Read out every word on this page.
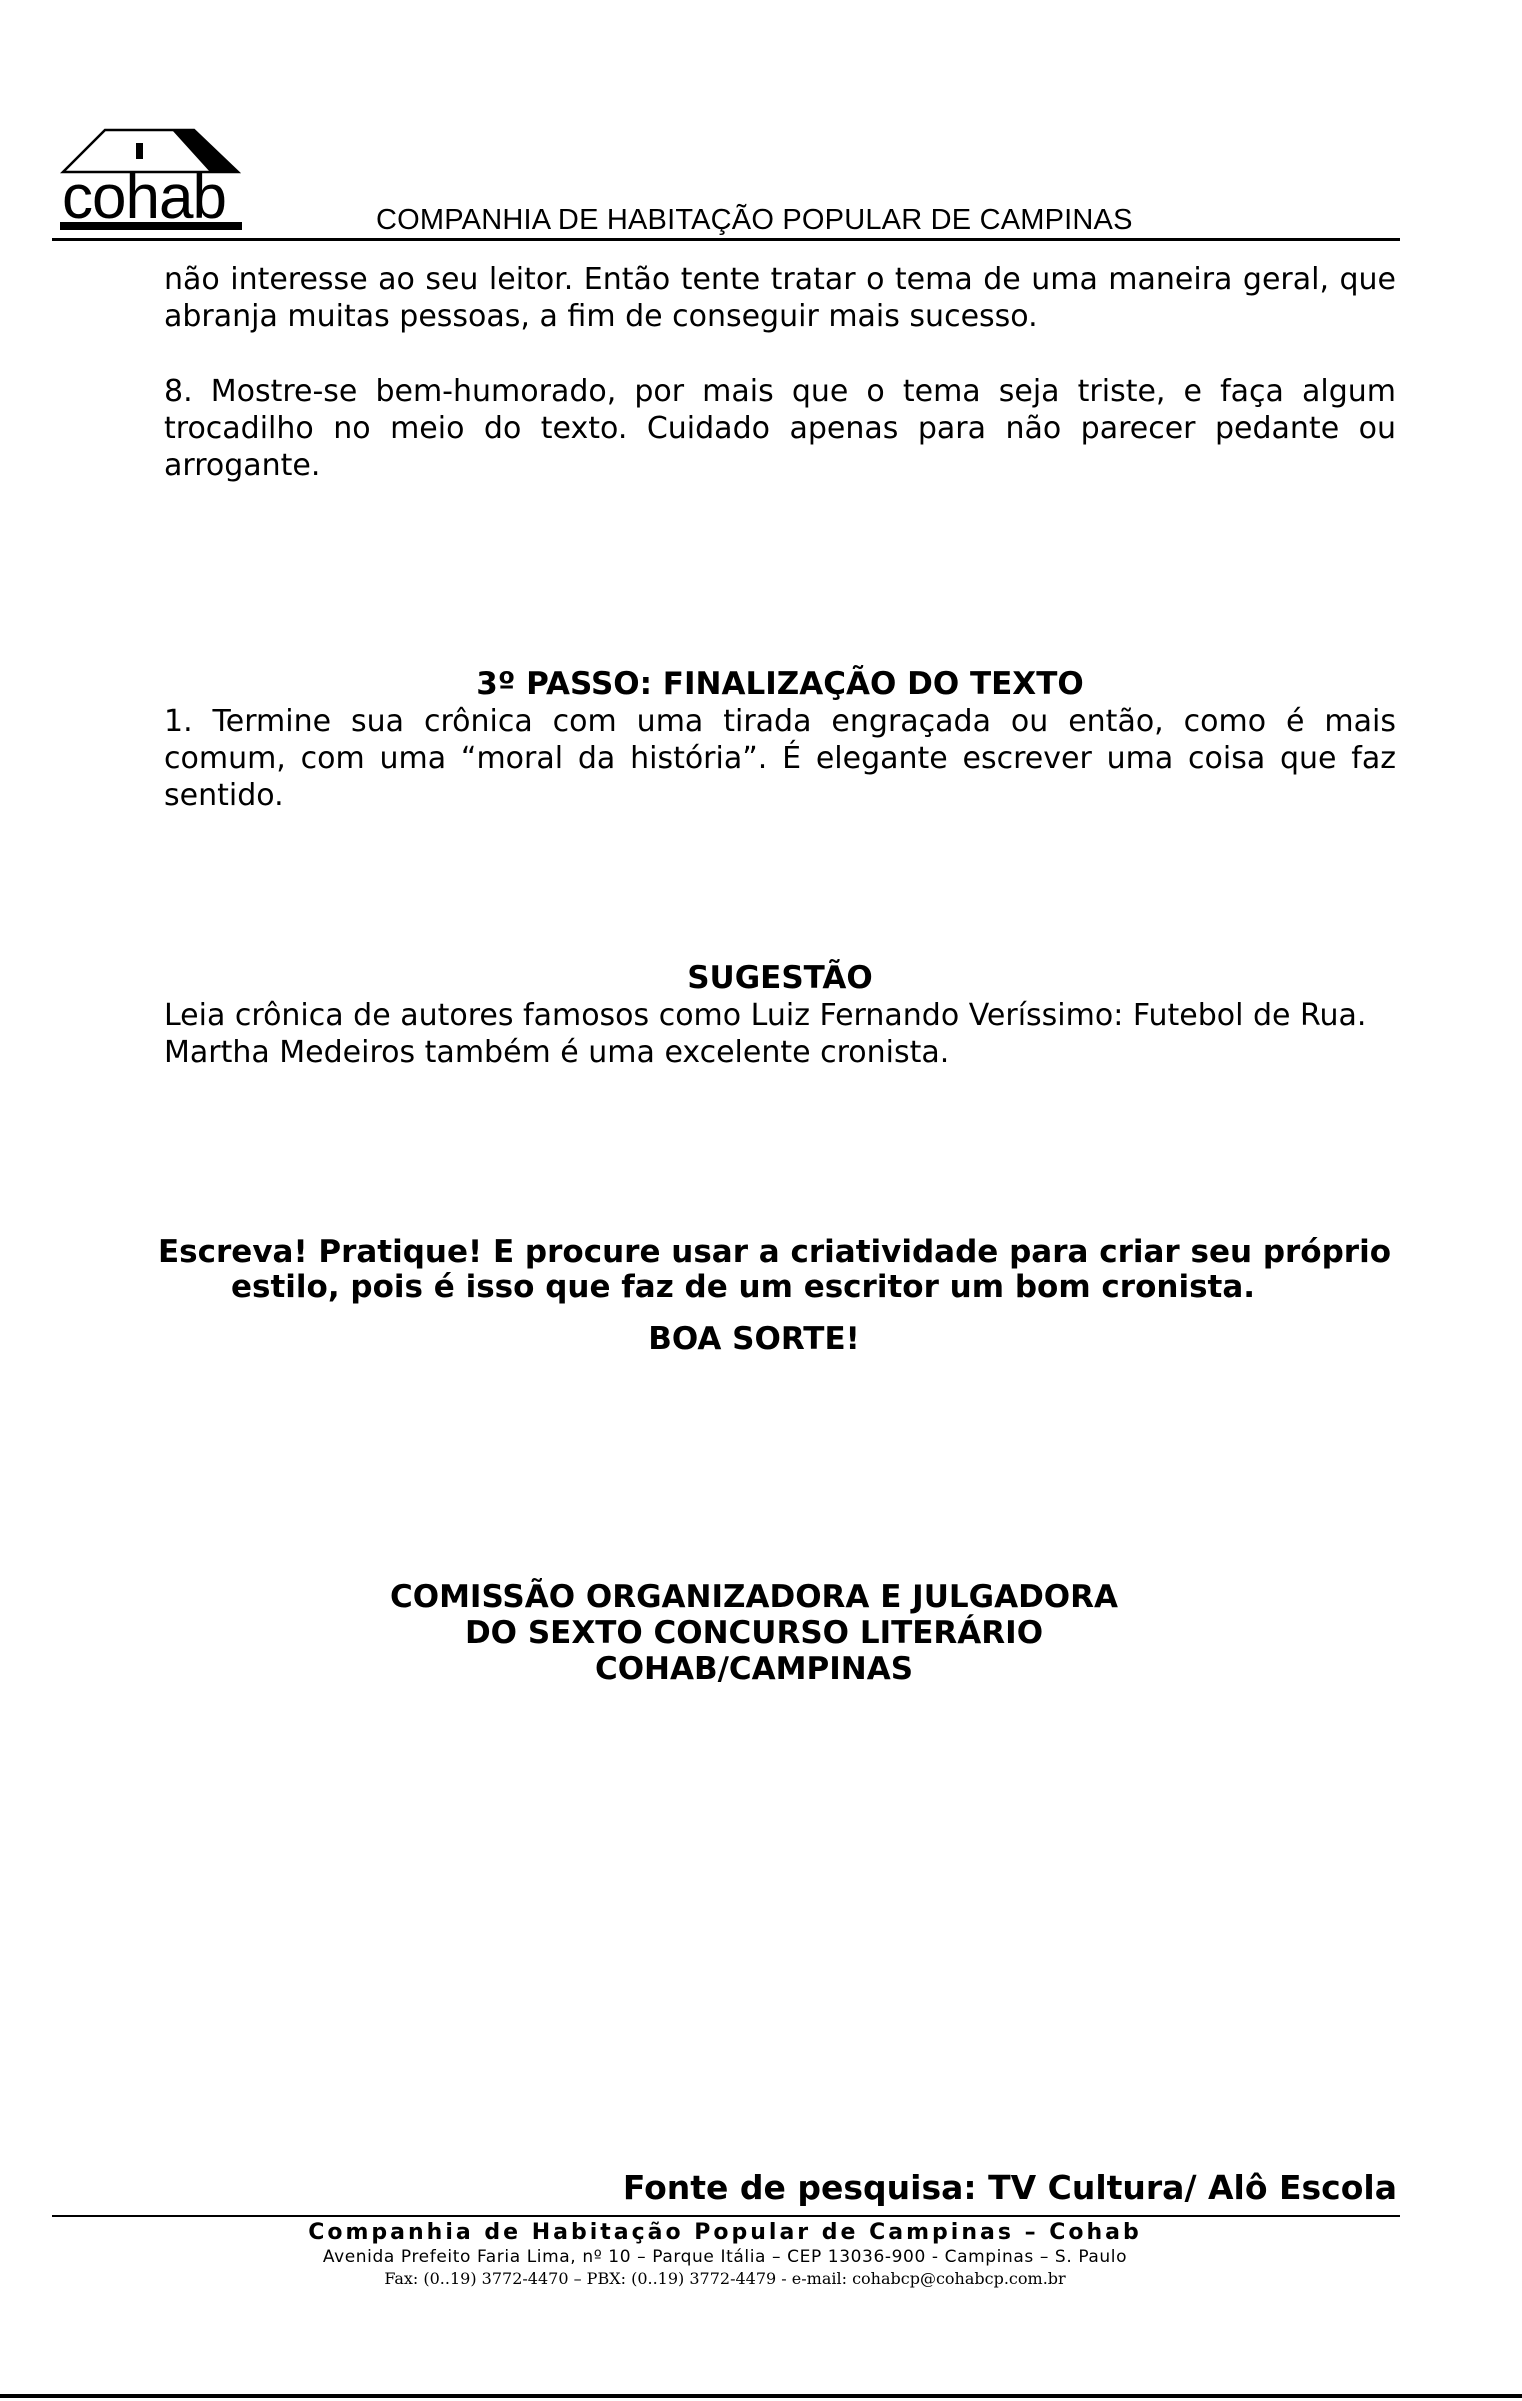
cohab	COMPANHIA DE HABITAÇÃO POPULAR DE CAMPINAS
não interesse ao seu leitor. Então tente tratar o tema de uma maneira geral, que abranja muitas pessoas, a fim de conseguir mais sucesso.
8. Mostre-se bem-humorado, por mais que o tema seja triste, e faça algum trocadilho no meio do texto. Cuidado apenas para não parecer pedante ou arrogante.
3º PASSO: FINALIZAÇÃO DO TEXTO
1. Termine sua crônica com uma tirada engraçada ou então, como é mais comum, com uma “moral da história”. É elegante escrever uma coisa que faz sentido.
SUGESTÃO
Leia crônica de autores famosos como Luiz Fernando Veríssimo: Futebol de Rua.
Martha Medeiros também é uma excelente cronista.
Escreva! Pratique! E procure usar a criatividade para criar seu próprio
estilo, pois é isso que faz de um escritor um bom cronista.
BOA SORTE!
COMISSÃO ORGANIZADORA E JULGADORA
DO SEXTO CONCURSO LITERÁRIO
COHAB/CAMPINAS
Fonte de pesquisa: TV Cultura/ Alô Escola
Companhia de Habitação Popular de Campinas – Cohab
Avenida Prefeito Faria Lima, nº 10 – Parque Itália – CEP 13036-900 - Campinas – S. Paulo
Fax: (0..19) 3772-4470 – PBX: (0..19) 3772-4479 - e-mail: cohabcp@cohabcp.com.br
